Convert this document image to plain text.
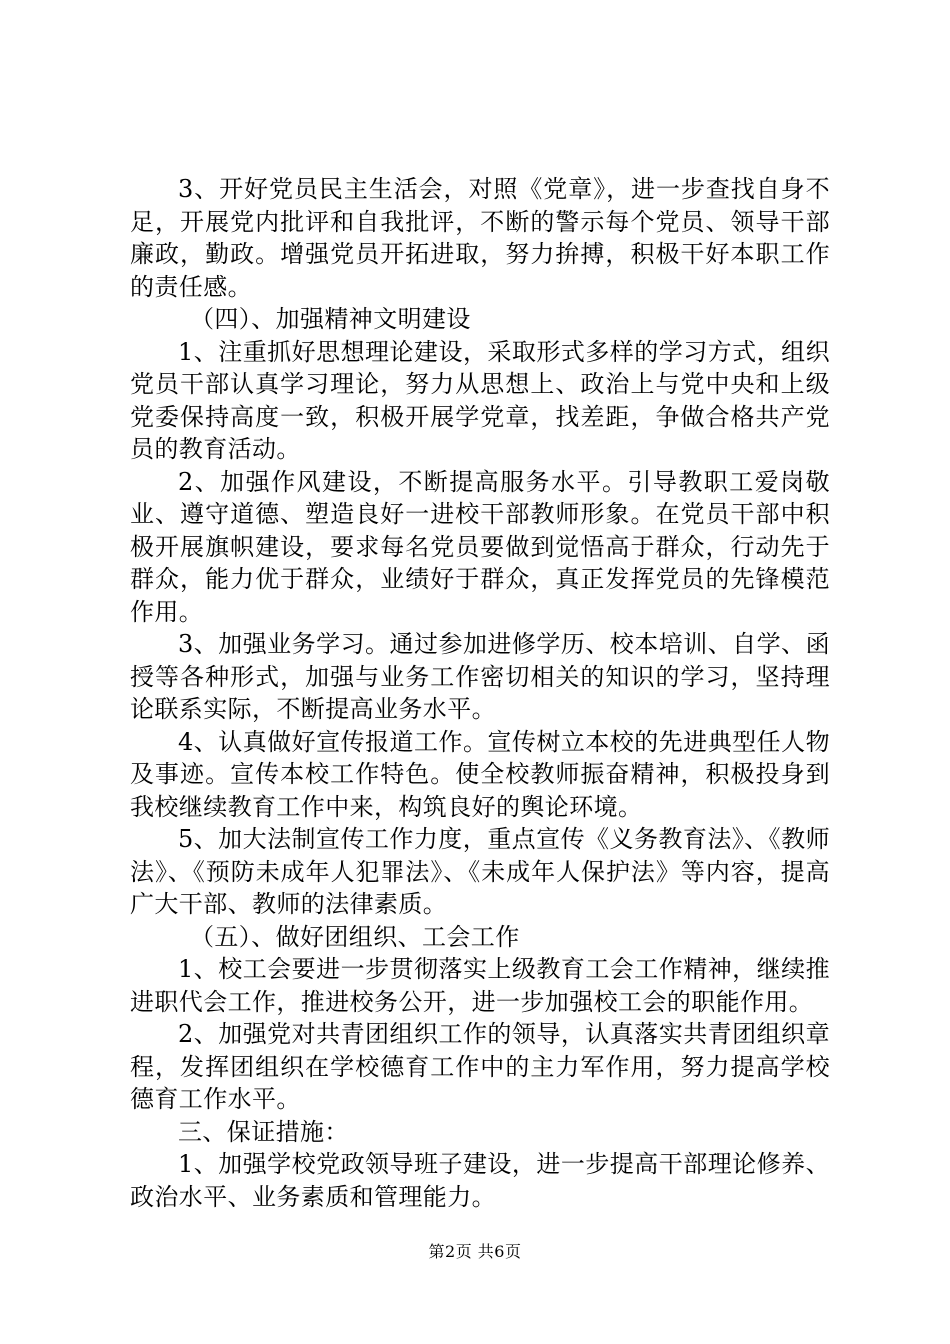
3、开好党员民主生活会，对照《党章》，进一步查找自身不足，开展党内批评和自我批评，不断的警示每个党员、领导干部廉政，勤政。增强党员开拓进取，努力拚搏，积极干好本职工作的责任感。

（四）、加强精神文明建设

1、注重抓好思想理论建设，采取形式多样的学习方式，组织党员干部认真学习理论，努力从思想上、政治上与党中央和上级党委保持高度一致，积极开展学党章，找差距，争做合格共产党员的教育活动。

2、加强作风建设，不断提高服务水平。引导教职工爱岗敬业、遵守道德、塑造良好一进校干部教师形象。在党员干部中积极开展旗帜建设，要求每名党员要做到觉悟高于群众，行动先于群众，能力优于群众，业绩好于群众，真正发挥党员的先锋模范作用。

3、加强业务学习。通过参加进修学历、校本培训、自学、函授等各种形式，加强与业务工作密切相关的知识的学习，坚持理论联系实际，不断提高业务水平。

4、认真做好宣传报道工作。宣传树立本校的先进典型任人物及事迹。宣传本校工作特色。使全校教师振奋精神，积极投身到我校继续教育工作中来，构筑良好的舆论环境。

5、加大法制宣传工作力度，重点宣传《义务教育法》、《教师法》、《预防未成年人犯罪法》、《未成年人保护法》等内容，提高广大干部、教师的法律素质。

（五）、做好团组织、工会工作

1、校工会要进一步贯彻落实上级教育工会工作精神，继续推进职代会工作，推进校务公开，进一步加强校工会的职能作用。

2、加强党对共青团组织工作的领导，认真落实共青团组织章程，发挥团组织在学校德育工作中的主力军作用，努力提高学校德育工作水平。

三、保证措施：

1、加强学校党政领导班子建设，进一步提高干部理论修养、政治水平、业务素质和管理能力。

第2页 共6页
